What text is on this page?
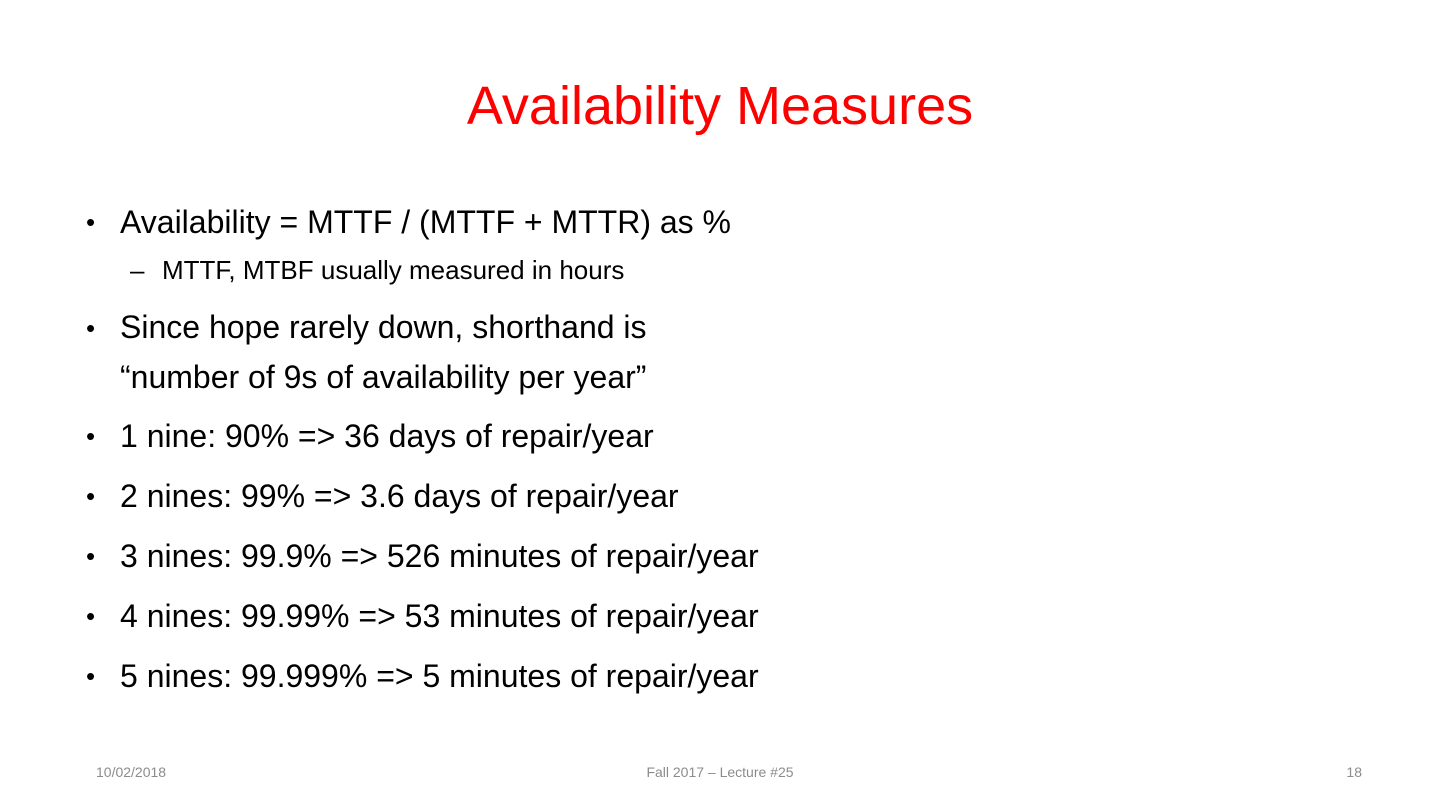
Availability Measures
• Availability = MTTF / (MTTF + MTTR) as %
– MTTF, MTBF usually measured in hours
• Since hope rarely down, shorthand is
“number of 9s of availability per year”
• 1 nine: 90% => 36 days of repair/year
• 2 nines: 99% => 3.6 days of repair/year
• 3 nines: 99.9% => 526 minutes of repair/year
• 4 nines: 99.99% => 53 minutes of repair/year
• 5 nines: 99.999% => 5 minutes of repair/year
10/02/2018	Fall 2017 – Lecture #25	18
